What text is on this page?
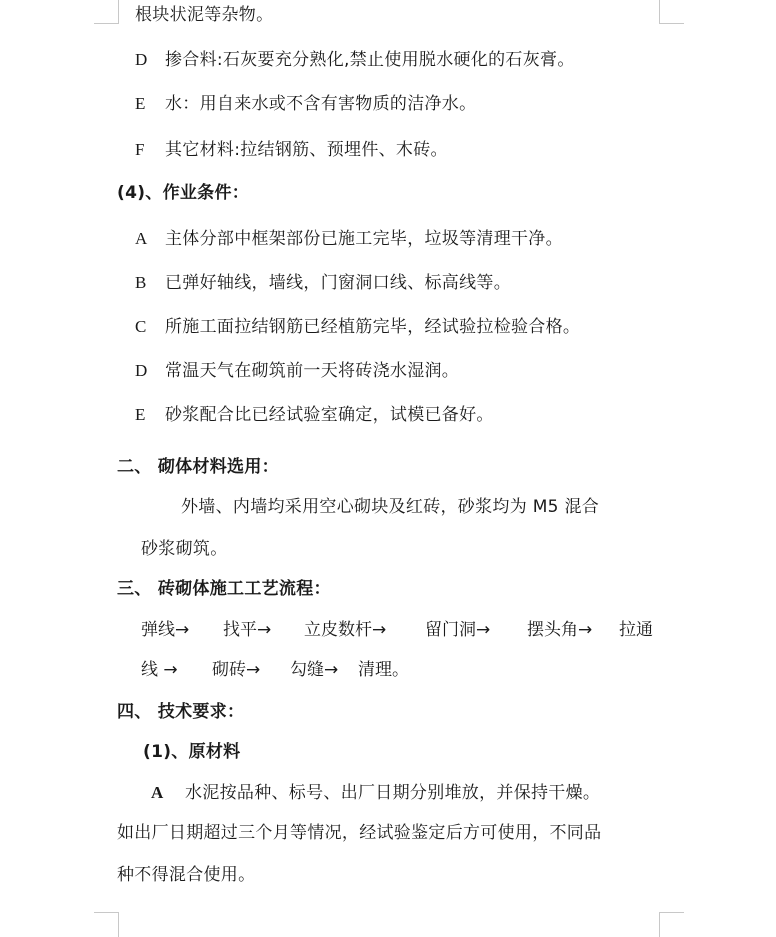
根块状泥等杂物。
D 掺合料:石灰要充分熟化,禁止使用脱水硬化的石灰膏。
E 水：用自来水或不含有害物质的洁净水。
F 其它材料:拉结钢筋、预埋件、木砖。
(4)、作业条件：
A 主体分部中框架部份已施工完毕，垃圾等清理干净。
B 已弹好轴线，墙线，门窗洞口线、标高线等。
C 所施工面拉结钢筋已经植筋完毕，经试验拉检验合格。
D 常温天气在砌筑前一天将砖浇水湿润。
E 砂浆配合比已经试验室确定，试模已备好。
二、 砌体材料选用：
外墙、内墙均采用空心砌块及红砖，砂浆均为 M5 混合
砂浆砌筑。
三、 砖砌体施工工艺流程：
弹线→ 找平→ 立皮数杆→ 留门洞→ 摆头角→ 拉通
线 → 砌砖→ 勾缝→ 清理。
四、 技术要求：
(1)、原材料
A 水泥按品种、标号、出厂日期分别堆放，并保持干燥。
如出厂日期超过三个月等情况，经试验鉴定后方可使用，不同品
种不得混合使用。
